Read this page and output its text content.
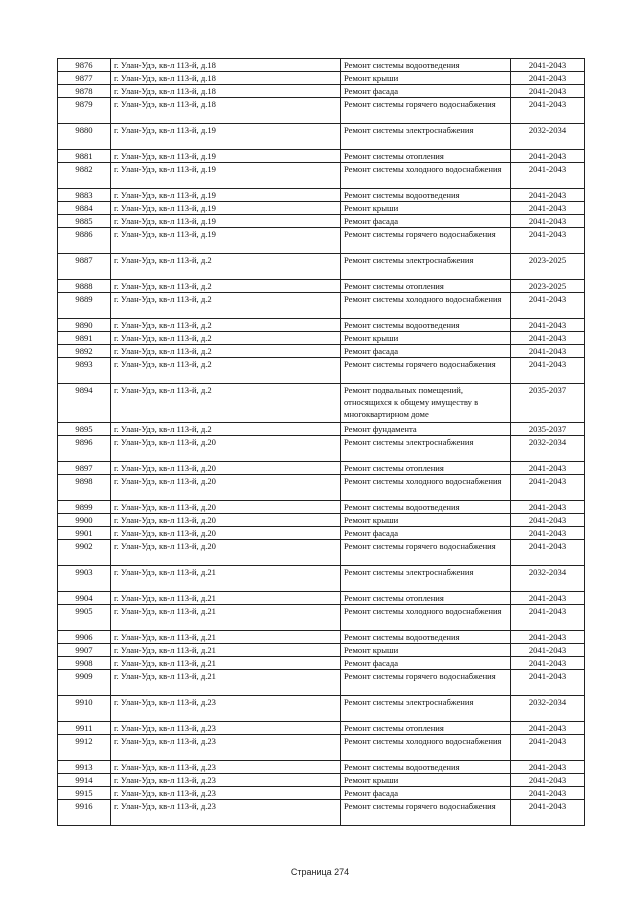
9876	г. Улан-Удэ, кв-л 113-й, д.18	Ремонт системы водоотведения	2041-2043
9877	г. Улан-Удэ, кв-л 113-й, д.18	Ремонт крыши	2041-2043
9878	г. Улан-Удэ, кв-л 113-й, д.18	Ремонт фасада	2041-2043
9879	г. Улан-Удэ, кв-л 113-й, д.18	Ремонт системы горячего водоснабжения	2041-2043
9880	г. Улан-Удэ, кв-л 113-й, д.19	Ремонт системы электроснабжения	2032-2034
9881	г. Улан-Удэ, кв-л 113-й, д.19	Ремонт системы отопления	2041-2043
9882	г. Улан-Удэ, кв-л 113-й, д.19	Ремонт системы холодного водоснабжения	2041-2043
9883	г. Улан-Удэ, кв-л 113-й, д.19	Ремонт системы водоотведения	2041-2043
9884	г. Улан-Удэ, кв-л 113-й, д.19	Ремонт крыши	2041-2043
9885	г. Улан-Удэ, кв-л 113-й, д.19	Ремонт фасада	2041-2043
9886	г. Улан-Удэ, кв-л 113-й, д.19	Ремонт системы горячего водоснабжения	2041-2043
9887	г. Улан-Удэ, кв-л 113-й, д.2	Ремонт системы электроснабжения	2023-2025
9888	г. Улан-Удэ, кв-л 113-й, д.2	Ремонт системы отопления	2023-2025
9889	г. Улан-Удэ, кв-л 113-й, д.2	Ремонт системы холодного водоснабжения	2041-2043
9890	г. Улан-Удэ, кв-л 113-й, д.2	Ремонт системы водоотведения	2041-2043
9891	г. Улан-Удэ, кв-л 113-й, д.2	Ремонт крыши	2041-2043
9892	г. Улан-Удэ, кв-л 113-й, д.2	Ремонт фасада	2041-2043
9893	г. Улан-Удэ, кв-л 113-й, д.2	Ремонт системы горячего водоснабжения	2041-2043
9894	г. Улан-Удэ, кв-л 113-й, д.2	Ремонт подвальных помещений, относящихся к общему имуществу в многоквартирном доме	2035-2037
9895	г. Улан-Удэ, кв-л 113-й, д.2	Ремонт фундамента	2035-2037
9896	г. Улан-Удэ, кв-л 113-й, д.20	Ремонт системы электроснабжения	2032-2034
9897	г. Улан-Удэ, кв-л 113-й, д.20	Ремонт системы отопления	2041-2043
9898	г. Улан-Удэ, кв-л 113-й, д.20	Ремонт системы холодного водоснабжения	2041-2043
9899	г. Улан-Удэ, кв-л 113-й, д.20	Ремонт системы водоотведения	2041-2043
9900	г. Улан-Удэ, кв-л 113-й, д.20	Ремонт крыши	2041-2043
9901	г. Улан-Удэ, кв-л 113-й, д.20	Ремонт фасада	2041-2043
9902	г. Улан-Удэ, кв-л 113-й, д.20	Ремонт системы горячего водоснабжения	2041-2043
9903	г. Улан-Удэ, кв-л 113-й, д.21	Ремонт системы электроснабжения	2032-2034
9904	г. Улан-Удэ, кв-л 113-й, д.21	Ремонт системы отопления	2041-2043
9905	г. Улан-Удэ, кв-л 113-й, д.21	Ремонт системы холодного водоснабжения	2041-2043
9906	г. Улан-Удэ, кв-л 113-й, д.21	Ремонт системы водоотведения	2041-2043
9907	г. Улан-Удэ, кв-л 113-й, д.21	Ремонт крыши	2041-2043
9908	г. Улан-Удэ, кв-л 113-й, д.21	Ремонт фасада	2041-2043
9909	г. Улан-Удэ, кв-л 113-й, д.21	Ремонт системы горячего водоснабжения	2041-2043
9910	г. Улан-Удэ, кв-л 113-й, д.23	Ремонт системы электроснабжения	2032-2034
9911	г. Улан-Удэ, кв-л 113-й, д.23	Ремонт системы отопления	2041-2043
9912	г. Улан-Удэ, кв-л 113-й, д.23	Ремонт системы холодного водоснабжения	2041-2043
9913	г. Улан-Удэ, кв-л 113-й, д.23	Ремонт системы водоотведения	2041-2043
9914	г. Улан-Удэ, кв-л 113-й, д.23	Ремонт крыши	2041-2043
9915	г. Улан-Удэ, кв-л 113-й, д.23	Ремонт фасада	2041-2043
9916	г. Улан-Удэ, кв-л 113-й, д.23	Ремонт системы горячего водоснабжения	2041-2043
Страница 274
